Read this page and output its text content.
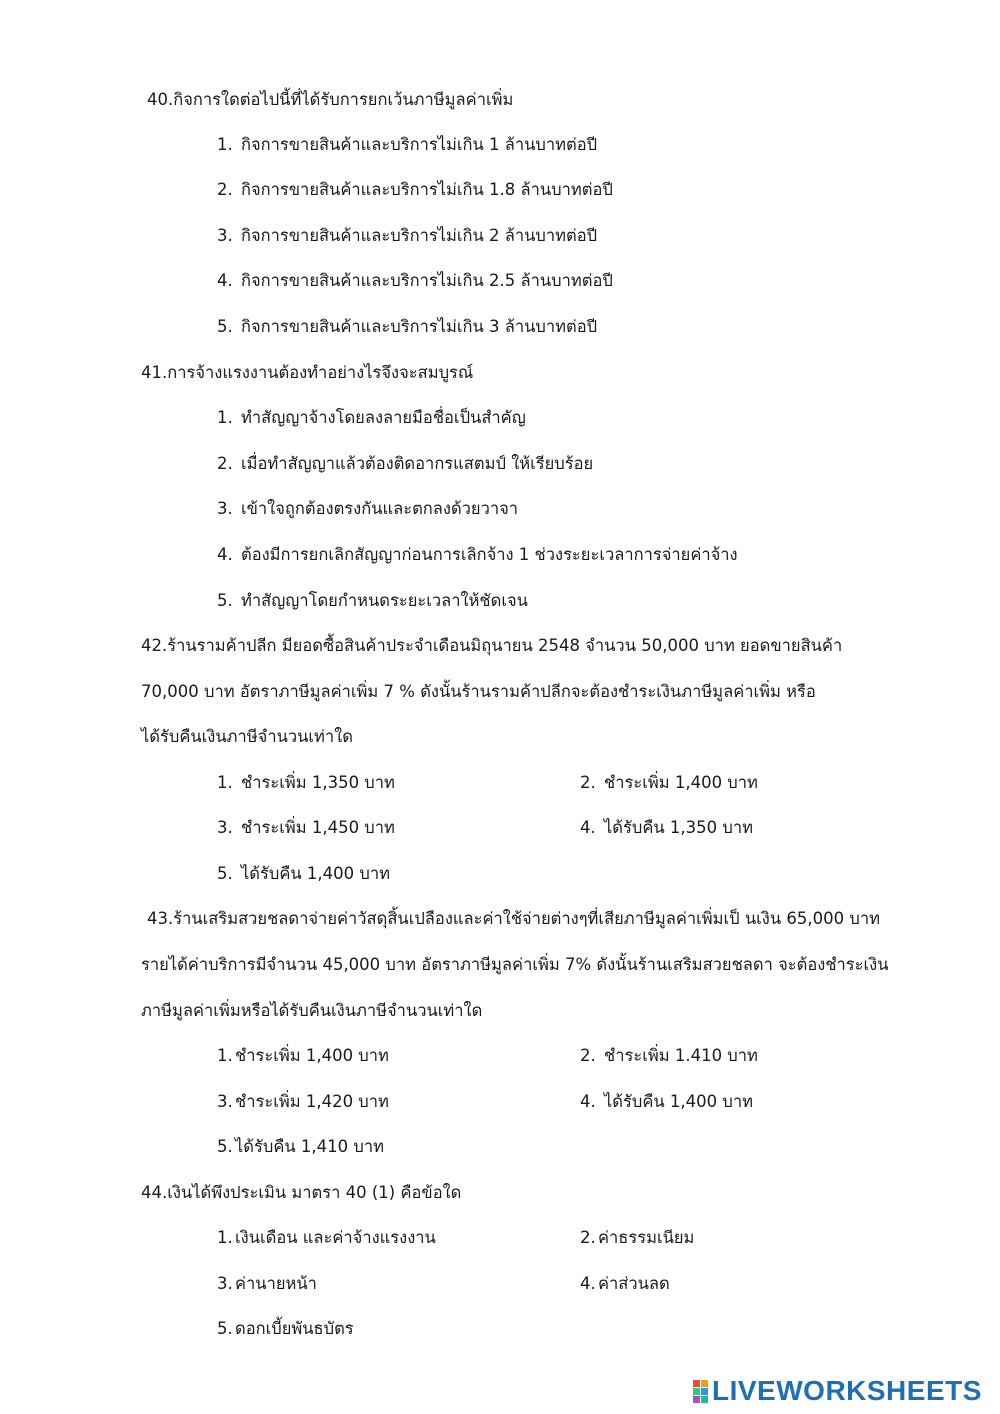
40.กิจการใดต่อไปนี้ที่ได้รับการยกเว้นภาษีมูลค่าเพิ่ม
1. กิจการขายสินค้าและบริการไม่เกิน 1 ล้านบาทต่อปี
2. กิจการขายสินค้าและบริการไม่เกิน 1.8 ล้านบาทต่อปี
3. กิจการขายสินค้าและบริการไม่เกิน 2 ล้านบาทต่อปี
4. กิจการขายสินค้าและบริการไม่เกิน 2.5 ล้านบาทต่อปี
5. กิจการขายสินค้าและบริการไม่เกิน 3 ล้านบาทต่อปี
41.การจ้างแรงงานต้องทำอย่างไรจึงจะสมบูรณ์
1. ทำสัญญาจ้างโดยลงลายมือชื่อเป็นสำคัญ
2. เมื่อทำสัญญาแล้วต้องติดอากรแสตมป์ ให้เรียบร้อย
3. เข้าใจถูกต้องตรงกันและตกลงด้วยวาจา
4. ต้องมีการยกเลิกสัญญาก่อนการเลิกจ้าง 1 ช่วงระยะเวลาการจ่ายค่าจ้าง
5. ทำสัญญาโดยกำหนดระยะเวลาให้ชัดเจน
42.ร้านรามค้าปลีก มียอดซื้อสินค้าประจำเดือนมิถุนายน 2548 จำนวน 50,000 บาท ยอดขายสินค้า
70,000 บาท อัตราภาษีมูลค่าเพิ่ม 7 % ดังนั้นร้านรามค้าปลีกจะต้องชำระเงินภาษีมูลค่าเพิ่ม หรือ
ได้รับคืนเงินภาษีจำนวนเท่าใด
1. ชำระเพิ่ม 1,350 บาท	2. ชำระเพิ่ม 1,400 บาท
3. ชำระเพิ่ม 1,450 บาท	4. ได้รับคืน 1,350 บาท
5. ได้รับคืน 1,400 บาท
43.ร้านเสริมสวยชลดาจ่ายค่าวัสดุสิ้นเปลืองและค่าใช้จ่ายต่างๆที่เสียภาษีมูลค่าเพิ่มเป็ นเงิน 65,000 บาท
รายได้ค่าบริการมีจำนวน 45,000 บาท อัตราภาษีมูลค่าเพิ่ม 7% ดังนั้นร้านเสริมสวยชลดา จะต้องชำระเงิน
ภาษีมูลค่าเพิ่มหรือได้รับคืนเงินภาษีจำนวนเท่าใด
1. ชำระเพิ่ม 1,400 บาท	2. ชำระเพิ่ม 1.410 บาท
3. ชำระเพิ่ม 1,420 บาท	4. ได้รับคืน 1,400 บาท
5. ได้รับคืน 1,410 บาท
44.เงินได้พึงประเมิน มาตรา 40 (1) คือข้อใด
1. เงินเดือน และค่าจ้างแรงงาน	2. ค่าธรรมเนียม
3. ค่านายหน้า	4. ค่าส่วนลด
5. ดอกเบี้ยพันธบัตร
LIVEWORKSHEETS
